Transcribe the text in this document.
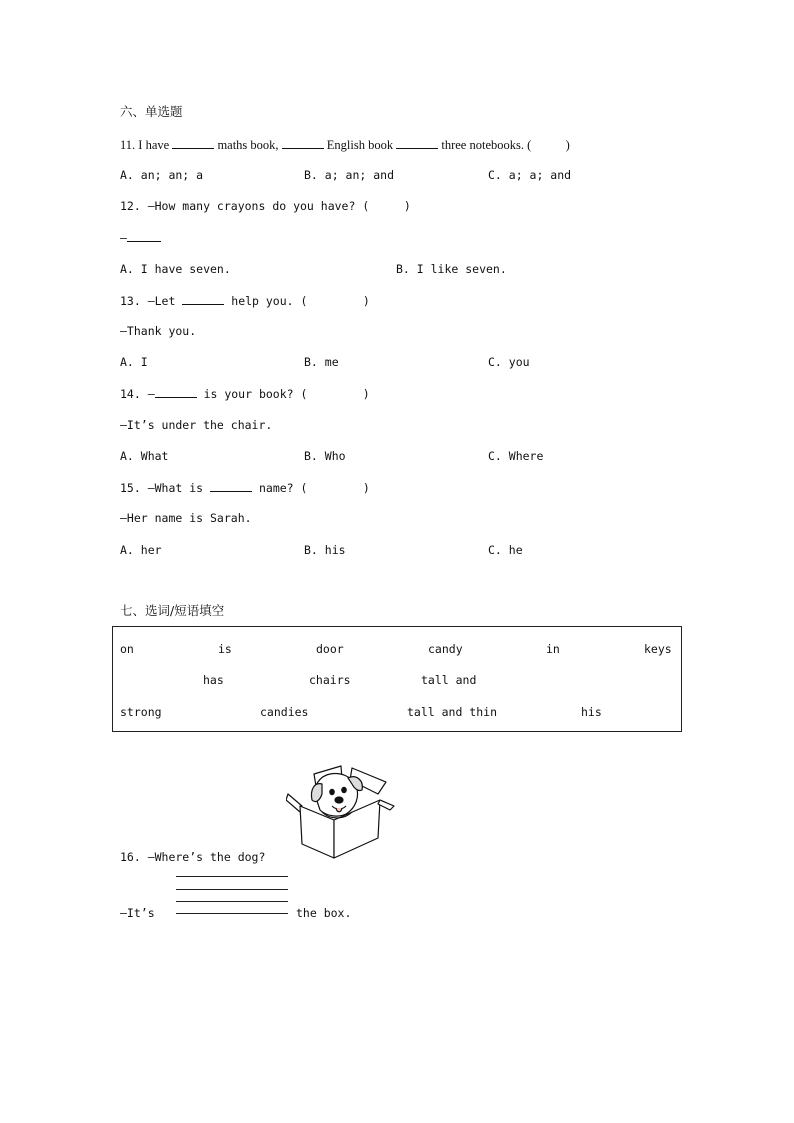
六、单选题
11. I have	maths book,	English book	three notebooks. (           )
A. an; an; a	B. a; an; and	C. a; a; and
12. —How many crayons do you have? (     )
—
A. I have seven.	B. I like seven.
13. —Let	help you. (        )
—Thank you.
A. I	B. me	C. you
14. —	is your book? (        )
—It’s under the chair.
A. What	B. Who	C. Where
15. —What is	name? (        )
—Her name is Sarah.
A. her	B. his	C. he
七、选词/短语填空
on	is	door	candy	in	keys
has	chairs	tall and
strong	candies	tall and thin	his
16. —Where’s the dog?
—It’s	the box.
